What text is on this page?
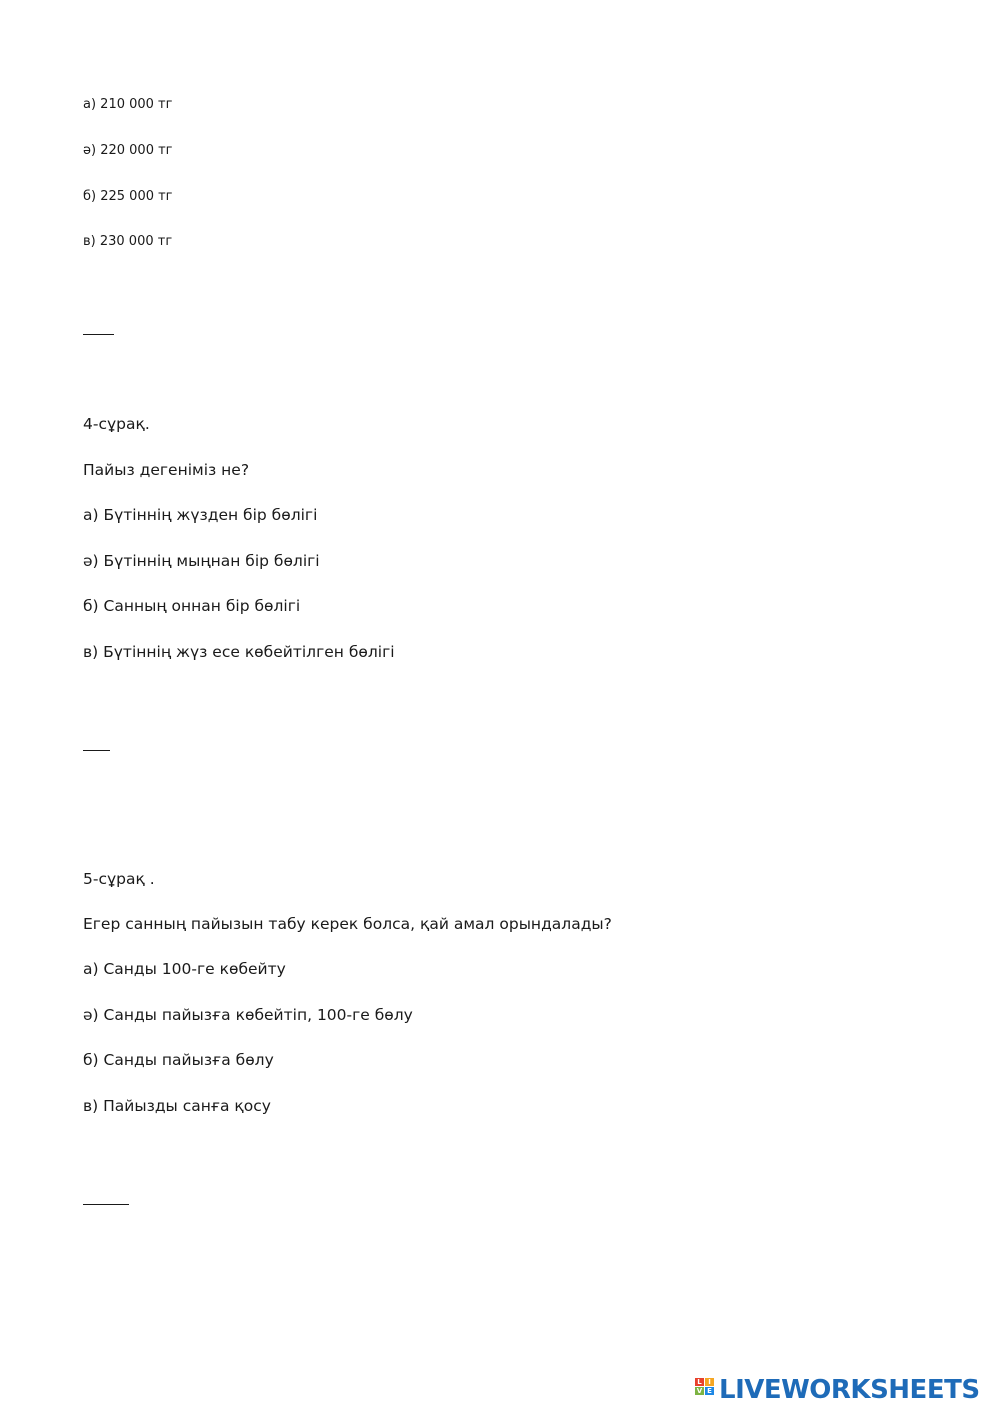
а) 210 000 тг
ә) 220 000 тг
б) 225 000 тг
в) 230 000 тг
4-сұрақ.
Пайыз дегеніміз не?
а) Бүтіннің жүзден бір бөлігі
ә) Бүтіннің мыңнан бір бөлігі
б) Санның оннан бір бөлігі
в) Бүтіннің жүз есе көбейтілген бөлігі
5-сұрақ .
Егер санның пайызын табу керек болса, қай амал орындалады?
а) Санды 100-ге көбейту
ә) Санды пайызға көбейтіп, 100-ге бөлу
б) Санды пайызға бөлу
в) Пайызды санға қосу
L I
V E LIVEWORKSHEETS
